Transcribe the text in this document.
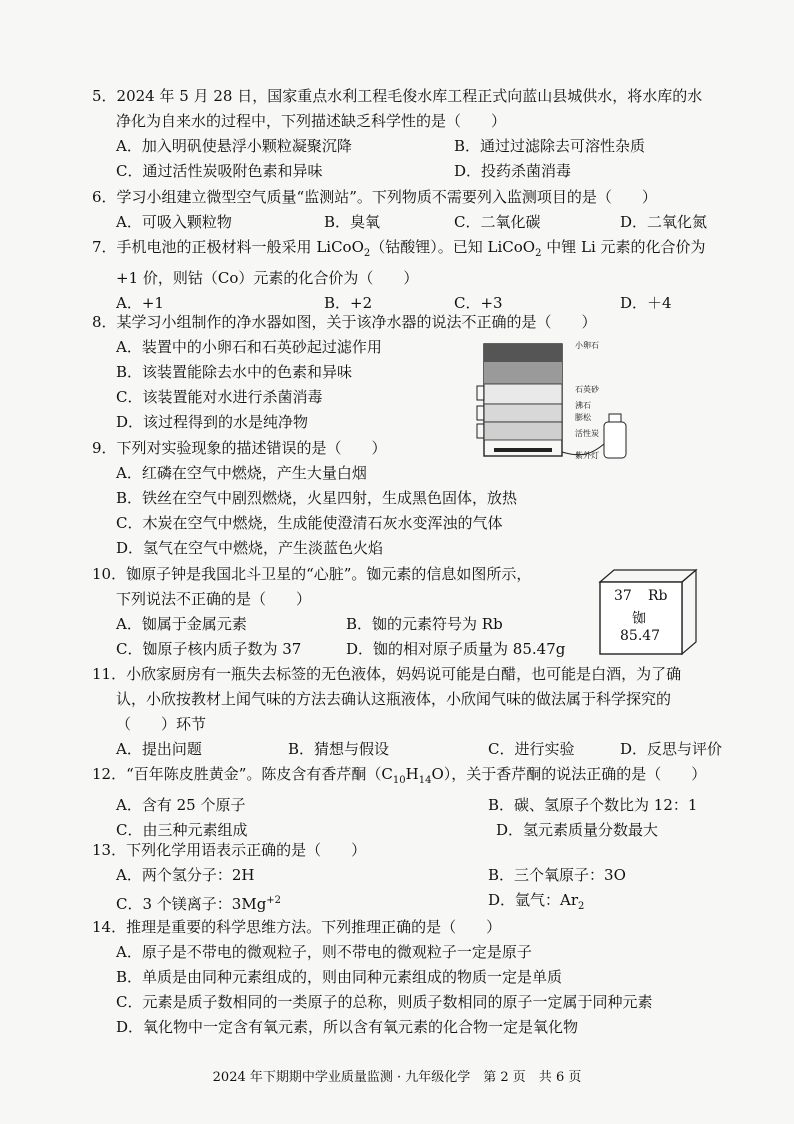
5．2024 年 5 月 28 日，国家重点水利工程毛俊水库工程正式向蓝山县城供水，将水库的水
净化为自来水的过程中，下列描述缺乏科学性的是（　　）
A．加入明矾使悬浮小颗粒凝聚沉降	B．通过过滤除去可溶性杂质
C．通过活性炭吸附色素和异味	D．投药杀菌消毒
6．学习小组建立微型空气质量“监测站”。下列物质不需要列入监测项目的是（　　）
A．可吸入颗粒物	B．臭氧	C．二氧化碳	D．二氧化氮
7．手机电池的正极材料一般采用 LiCoO$_2$（钴酸锂）。已知 LiCoO$_2$ 中锂 Li 元素的化合价为
+1 价，则钴（Co）元素的化合价为（　　）
A．+1	B．+2	C．+3	D．＋4
8．某学习小组制作的净水器如图，关于该净水器的说法不正确的是（　　）
A．装置中的小卵石和石英砂起过滤作用
B．该装置能除去水中的色素和异味
C．该装置能对水进行杀菌消毒
D．该过程得到的水是纯净物
小卵石
石英砂
沸石
膨松
活性炭
紫外灯
9．下列对实验现象的描述错误的是（　　）
A．红磷在空气中燃烧，产生大量白烟
B．铁丝在空气中剧烈燃烧，火星四射，生成黑色固体，放热
C．木炭在空气中燃烧，生成能使澄清石灰水变浑浊的气体
D．氢气在空气中燃烧，产生淡蓝色火焰
10．铷原子钟是我国北斗卫星的“心脏”。铷元素的信息如图所示，
下列说法不正确的是（　　）
A．铷属于金属元素	B．铷的元素符号为 Rb
C．铷原子核内质子数为 37	D．铷的相对原子质量为 85.47g
37 Rb
铷
85.47
11．小欣家厨房有一瓶失去标签的无色液体，妈妈说可能是白醋，也可能是白酒，为了确
认，小欣按教材上闻气味的方法去确认这瓶液体，小欣闻气味的做法属于科学探究的
（　　）环节
A．提出问题	B．猜想与假设	C．进行实验	D．反思与评价
12．“百年陈皮胜黄金”。陈皮含有香芹酮$(C_{10}H_{14}O)$，关于香芹酮的说法正确的是（　　）
A．含有 25 个原子	B．碳、氢原子个数比为 12：1
C．由三种元素组成	D．氢元素质量分数最大
13．下列化学用语表示正确的是（　　）
A．两个氢分子：2H	B．三个氧原子：3O
C．3 个镁离子：$3Mg^{+2}$	D．氩气：$Ar_2$
14．推理是重要的科学思维方法。下列推理正确的是（　　）
A．原子是不带电的微观粒子，则不带电的微观粒子一定是原子
B．单质是由同种元素组成的，则由同种元素组成的物质一定是单质
C．元素是质子数相同的一类原子的总称，则质子数相同的原子一定属于同种元素
D．氧化物中一定含有氧元素，所以含有氧元素的化合物一定是氧化物
2024 年下期期中学业质量监测 · 九年级化学　第 2 页　共 6 页
